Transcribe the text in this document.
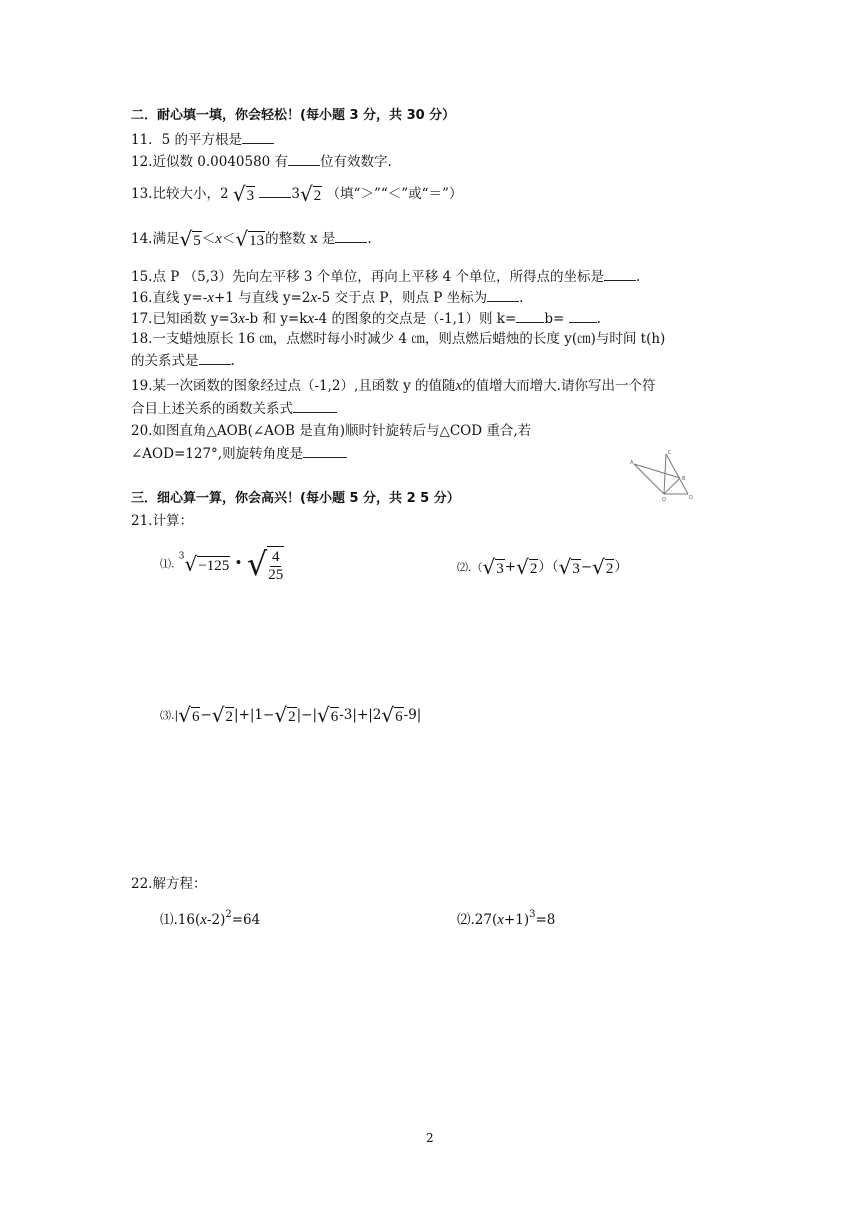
二．耐心填一填，你会轻松！(每小题 3 分，共 30 分）
11．5 的平方根是
12.近似数 0.0040580 有 位有效数字.
13.比较大小，2 √ 3	3 √ 2 （填“＞”“＜”或“＝”）
14.满足 √ 5 ＜x＜ √ 13 的整数 x 是 .
15.点 P （5,3）先向左平移 3 个单位，再向上平移 4 个单位，所得点的坐标是 .
16.直线 y=-x+1 与直线 y=2x-5 交于点 P，则点 P 坐标为 .
17.已知函数 y=3x-b 和 y=kx-4 的图象的交点是（-1,1）则 k= b= .
18.一支蜡烛原长 16 ㎝，点燃时每小时减少 4 ㎝，则点燃后蜡烛的长度 y(㎝)与时间 t(h)
的关系式是 .
19.某一次函数的图象经过点（-1,2）,且函数 y 的值随x的值增大而增大.请你写出一个符
合目上述关系的函数关系式
20.如图直角△AOB(∠AOB 是直角)顺时针旋转后与△COD 重合,若
∠AOD=127°,则旋转角度是
A
C
B
D
O
三．细心算一算，你会高兴！(每小题 5 分，共 2 5 分）
21.计算：
⑴. $^3$ √ −125 • √ $\frac{4}{25}$	⑵.（ √ 3 + √ 2 ）（ √ 3 − √ 2 ）
⑶.| √ 6 − √ 2 |+|1− √ 2 |−| √ 6 -3|+|2 √ 6 -9|
22.解方程：
$⑴.16(x-2)^2=64$	$⑵.27(x+1)^3=8$
2
